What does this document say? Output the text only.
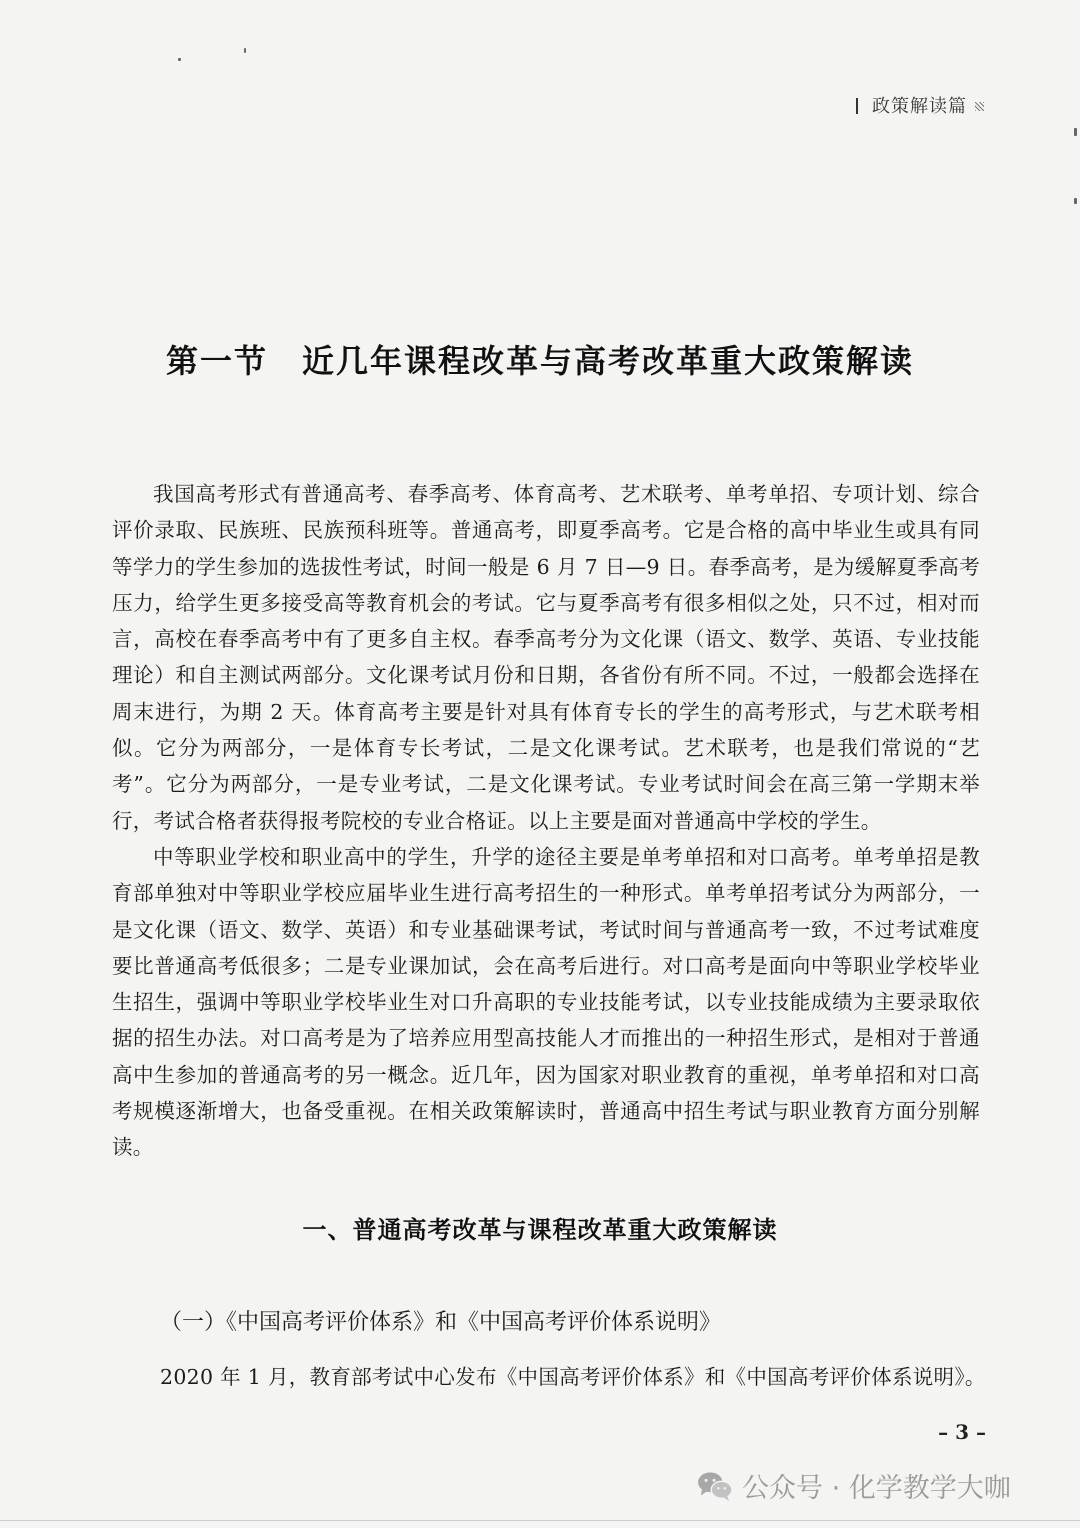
政策解读篇
第一节 近几年课程改革与高考改革重大政策解读

我国高考形式有普通高考、春季高考、体育高考、艺术联考、单考单招、专项计划、综合评价录取、民族班、民族预科班等。普通高考，即夏季高考。它是合格的高中毕业生或具有同等学力的学生参加的选拔性考试，时间一般是 6 月 7 日—9 日。春季高考，是为缓解夏季高考压力，给学生更多接受高等教育机会的考试。它与夏季高考有很多相似之处，只不过，相对而言，高校在春季高考中有了更多自主权。春季高考分为文化课（语文、数学、英语、专业技能理论）和自主测试两部分。文化课考试月份和日期，各省份有所不同。不过，一般都会选择在周末进行，为期 2 天。体育高考主要是针对具有体育专长的学生的高考形式，与艺术联考相似。它分为两部分，一是体育专长考试，二是文化课考试。艺术联考，也是我们常说的“艺考”。它分为两部分，一是专业考试，二是文化课考试。专业考试时间会在高三第一学期末举行，考试合格者获得报考院校的专业合格证。以上主要是面对普通高中学校的学生。

中等职业学校和职业高中的学生，升学的途径主要是单考单招和对口高考。单考单招是教育部单独对中等职业学校应届毕业生进行高考招生的一种形式。单考单招考试分为两部分，一是文化课（语文、数学、英语）和专业基础课考试，考试时间与普通高考一致，不过考试难度要比普通高考低很多；二是专业课加试，会在高考后进行。对口高考是面向中等职业学校毕业生招生，强调中等职业学校毕业生对口升高职的专业技能考试，以专业技能成绩为主要录取依据的招生办法。对口高考是为了培养应用型高技能人才而推出的一种招生形式，是相对于普通高中生参加的普通高考的另一概念。近几年，因为国家对职业教育的重视，单考单招和对口高考规模逐渐增大，也备受重视。在相关政策解读时，普通高中招生考试与职业教育方面分别解读。

一、普通高考改革与课程改革重大政策解读
（一）《中国高考评价体系》和《中国高考评价体系说明》
2020 年 1 月，教育部考试中心发布《中国高考评价体系》和《中国高考评价体系说明》。
– 3 –
公众号 · 化学教学大咖
